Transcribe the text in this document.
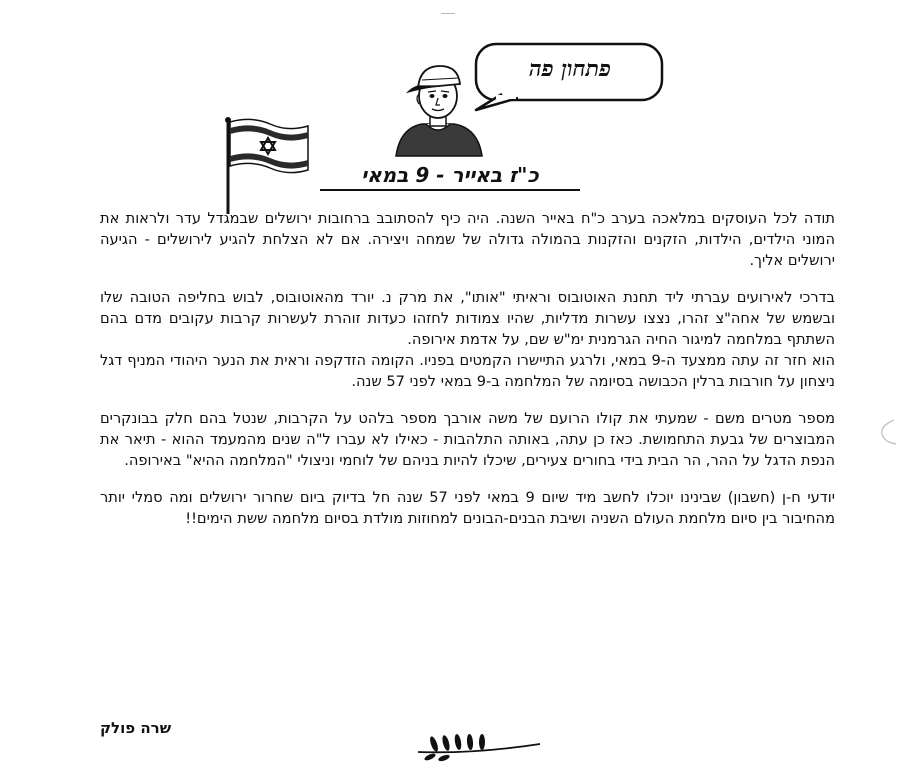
פתחון פה
כ"ז באייר - 9 במאי

תודה לכל העוסקים במלאכה בערב כ"ח באייר השנה. היה כיף להסתובב ברחובות ירושלים שבמגדל עדר ולראות את המוני הילדים, הילדות, הזקנים והזקנות בהמולה גדולה של שמחה ויצירה. אם לא הצלחת להגיע לירושלים - הגיעה ירושלים אליך.

בדרכי לאירועים עברתי ליד תחנת האוטובוס וראיתי "אותו", את מרק נ. יורד מהאוטובוס, לבוש בחליפה הטובה שלו ובשמש של אחה"צ זהרו, נצצו עשרות מדליות, שהיו צמודות לחזהו כעדות זוהרת לעשרות קרבות עקובים מדם בהם השתתף במלחמה למיגור החיה הגרמנית ימ"ש שם, על אדמת אירופה.

הוא חזר זה עתה ממצעד ה-9 במאי, ולרגע התיישרו הקמטים בפניו. הקומה הזדקפה וראית את הנער היהודי המניף דגל ניצחון על חורבות ברלין הכבושה בסיומה של המלחמה ב-9 במאי לפני 57 שנה.

מספר מטרים משם - שמעתי את קולו הרועם של משה אורבך מספר בלהט על הקרבות, שנטל בהם חלק בבונקרים המבוצרים של גבעת התחמושת. כאז כן עתה, באותה התלהבות - כאילו לא עברו ל"ה שנים מהמעמד ההוא - תיאר את הנפת הדגל על ההר, הר הבית בידי בחורים צעירים, שיכלו להיות בניהם של לוחמי וניצולי "המלחמה ההיא" באירופה.

יודעי ח-ן (חשבון) שבינינו יוכלו לחשב מיד שיום 9 במאי לפני 57 שנה חל בדיוק ביום שחרור ירושלים ומה סמלי יותר מהחיבור בין סיום מלחמת העולם השניה ושיבת הבנים-הבונים למחוזות מולדת בסיום מלחמה ששת הימים!!

שרה פולק
